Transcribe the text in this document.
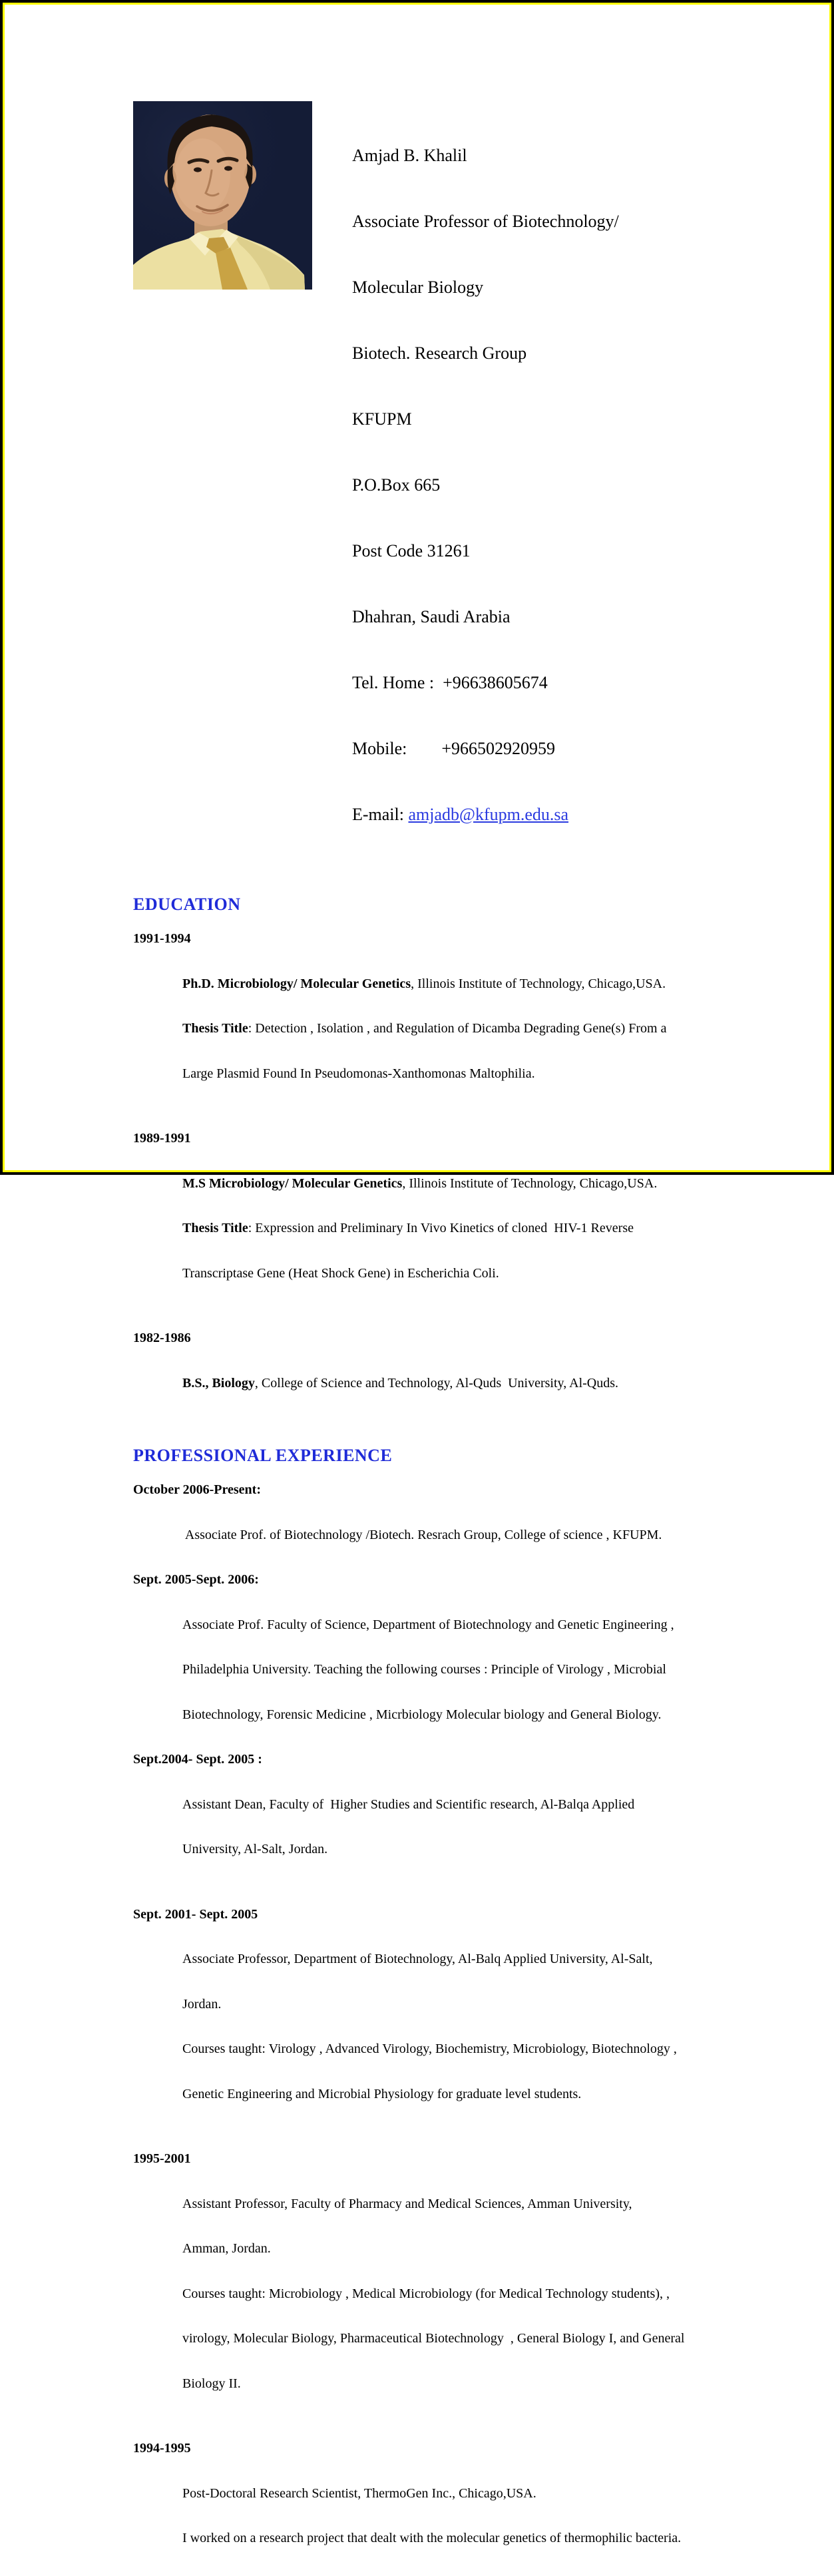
Amjad B. Khalil

Associate Professor of Biotechnology/

Molecular Biology

Biotech. Research Group

KFUPM

P.O.Box 665

Post Code 31261

Dhahran, Saudi Arabia

Tel. Home :  +96638605674

Mobile:        +966502920959

E-mail: amjadb@kfupm.edu.sa

EDUCATION
1991-1994

Ph.D. Microbiology/ Molecular Genetics, Illinois Institute of Technology, Chicago,USA.

Thesis Title: Detection , Isolation , and Regulation of Dicamba Degrading Gene(s) From a

Large Plasmid Found In Pseudomonas-Xanthomonas Maltophilia.

1989-1991

M.S Microbiology/ Molecular Genetics, Illinois Institute of Technology, Chicago,USA.

Thesis Title: Expression and Preliminary In Vivo Kinetics of cloned  HIV-1 Reverse

Transcriptase Gene (Heat Shock Gene) in Escherichia Coli.

1982-1986

B.S., Biology, College of Science and Technology, Al-Quds  University, Al-Quds.

PROFESSIONAL EXPERIENCE
October 2006-Present:

Associate Prof. of Biotechnology /Biotech. Resrach Group, College of science , KFUPM.

Sept. 2005-Sept. 2006:

Associate Prof. Faculty of Science, Department of Biotechnology and Genetic Engineering ,

Philadelphia University. Teaching the following courses : Principle of Virology , Microbial

Biotechnology, Forensic Medicine , Micrbiology Molecular biology and General Biology.

Sept.2004- Sept. 2005 :

Assistant Dean, Faculty of  Higher Studies and Scientific research, Al-Balqa Applied

University, Al-Salt, Jordan.

Sept. 2001- Sept. 2005

Associate Professor, Department of Biotechnology, Al-Balq Applied University, Al-Salt,

Jordan.

Courses taught: Virology , Advanced Virology, Biochemistry, Microbiology, Biotechnology ,

Genetic Engineering and Microbial Physiology for graduate level students.

1995-2001

Assistant Professor, Faculty of Pharmacy and Medical Sciences, Amman University,

Amman, Jordan.

Courses taught: Microbiology , Medical Microbiology (for Medical Technology students), ,

virology, Molecular Biology, Pharmaceutical Biotechnology  , General Biology I, and General

Biology II.

1994-1995

Post-Doctoral Research Scientist, ThermoGen Inc., Chicago,USA.

I worked on a research project that dealt with the molecular genetics of thermophilic bacteria.
